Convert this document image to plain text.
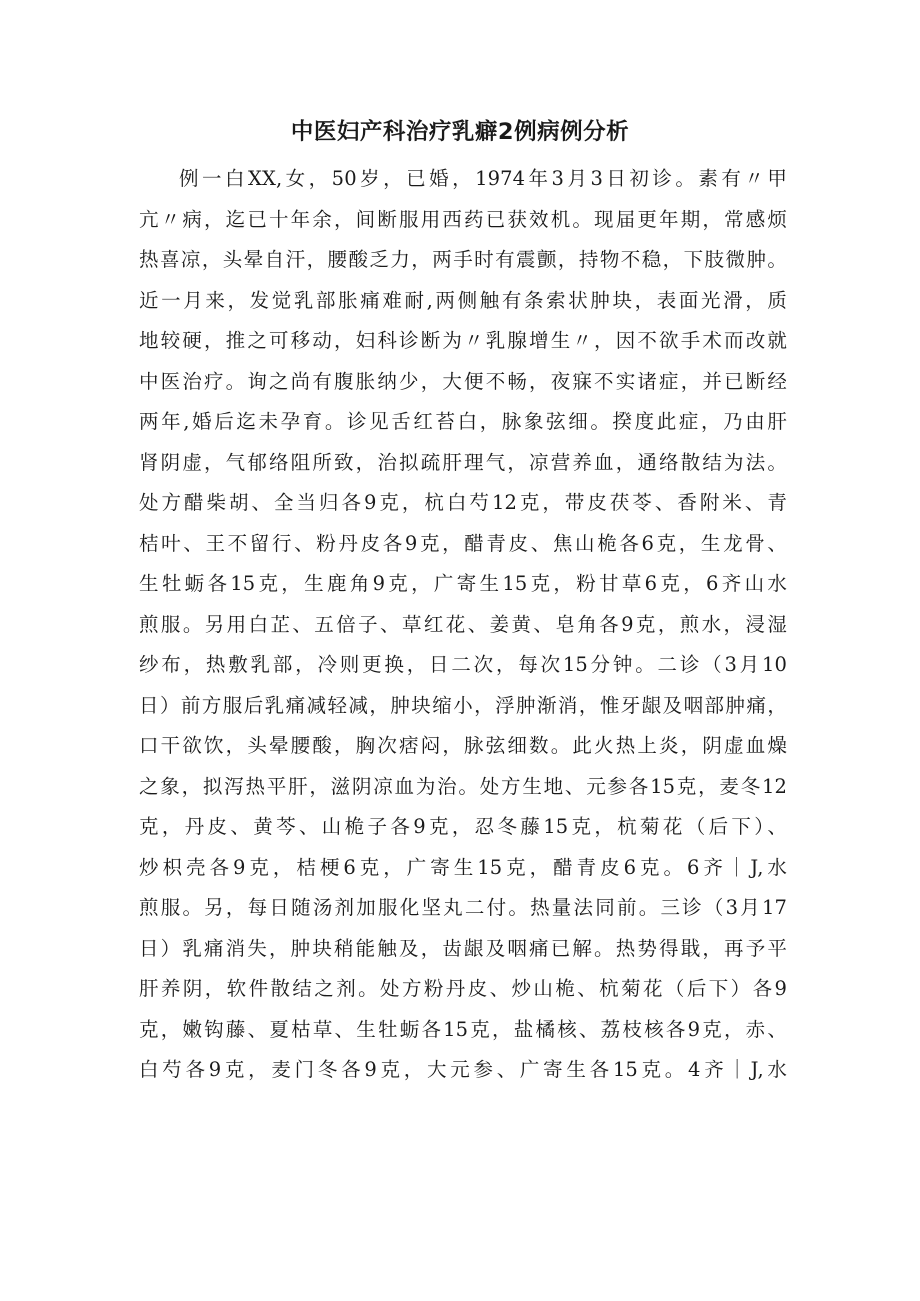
中医妇产科治疗乳癖2例病例分析
例一白XX,女，50岁，已婚，1974年3月3日初诊。素有〃甲
亢〃病，迄已十年余，间断服用西药已获效机。现届更年期，常感烦
热喜凉，头晕自汗，腰酸乏力，两手时有震颤，持物不稳，下肢微肿。
近一月来，发觉乳部胀痛难耐,两侧触有条索状肿块，表面光滑，质
地较硬，推之可移动，妇科诊断为〃乳腺增生〃，因不欲手术而改就
中医治疗。询之尚有腹胀纳少，大便不畅，夜寐不实诸症，并已断经
两年,婚后迄未孕育。诊见舌红苔白，脉象弦细。揆度此症，乃由肝
肾阴虚，气郁络阻所致，治拟疏肝理气，凉营养血，通络散结为法。
处方醋柴胡、全当归各9克，杭白芍12克，带皮茯苓、香附米、青
桔叶、王不留行、粉丹皮各9克，醋青皮、焦山桅各6克，生龙骨、
生牡蛎各15克，生鹿角9克，广寄生15克，粉甘草6克，6齐山水
煎服。另用白芷、五倍子、草红花、姜黄、皂角各9克，煎水，浸湿
纱布，热敷乳部，冷则更换，日二次，每次15分钟。二诊（3月10
日）前方服后乳痛减轻减，肿块缩小，浮肿渐消，惟牙龈及咽部肿痛，
口干欲饮，头晕腰酸，胸次痞闷，脉弦细数。此火热上炎，阴虚血燥
之象，拟泻热平肝，滋阴凉血为治。处方生地、元参各15克，麦冬12
克，丹皮、黄芩、山桅子各9克，忍冬藤15克，杭菊花（后下）、
炒枳壳各9克，桔梗6克，广寄生15克，醋青皮6克。6齐｜J,水
煎服。另，每日随汤剂加服化坚丸二付。热量法同前。三诊（3月17
日）乳痛消失，肿块稍能触及，齿龈及咽痛已解。热势得戢，再予平
肝养阴，软件散结之剂。处方粉丹皮、炒山桅、杭菊花（后下）各9
克，嫩钩藤、夏枯草、生牡蛎各15克，盐橘核、荔枝核各9克，赤、
白芍各9克，麦门冬各9克，大元参、广寄生各15克。4齐｜J,水
